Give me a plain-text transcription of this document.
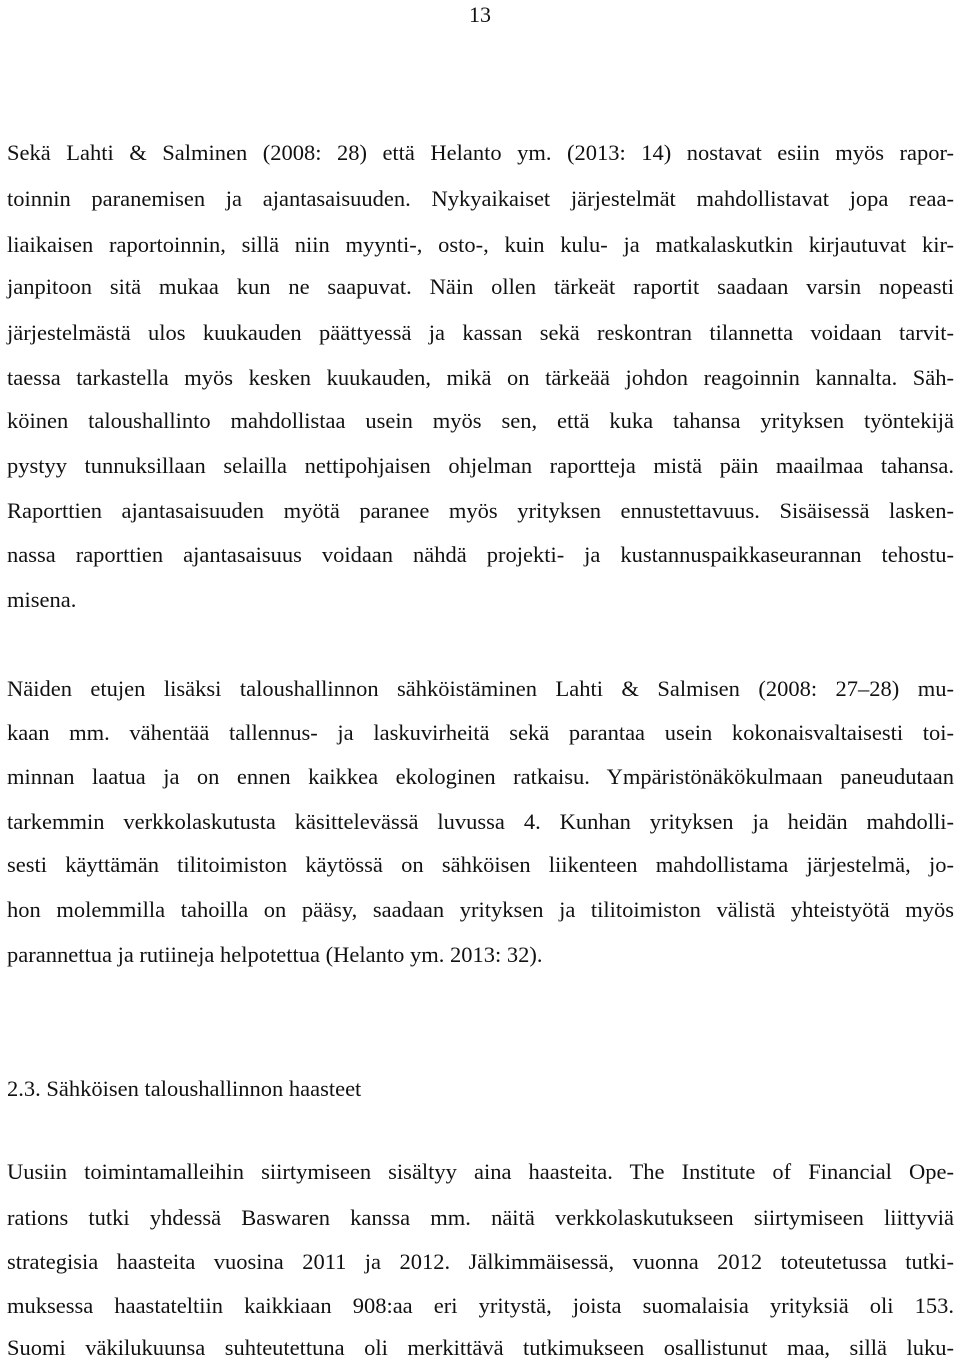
13
Sekä Lahti & Salminen (2008: 28) että Helanto ym. (2013: 14) nostavat esiin myös rapor-
toinnin paranemisen ja ajantasaisuuden. Nykyaikaiset järjestelmät mahdollistavat jopa reaa-
liaikaisen raportoinnin, sillä niin myynti-, osto-, kuin kulu- ja matkalaskutkin kirjautuvat kir-
janpitoon sitä mukaa kun ne saapuvat. Näin ollen tärkeät raportit saadaan varsin nopeasti
järjestelmästä ulos kuukauden päättyessä ja kassan sekä reskontran tilannetta voidaan tarvit-
taessa tarkastella myös kesken kuukauden, mikä on tärkeää johdon reagoinnin kannalta. Säh-
köinen taloushallinto mahdollistaa usein myös sen, että kuka tahansa yrityksen työntekijä
pystyy tunnuksillaan selailla nettipohjaisen ohjelman raportteja mistä päin maailmaa tahansa.
Raporttien ajantasaisuuden myötä paranee myös yrityksen ennustettavuus. Sisäisessä lasken-
nassa raporttien ajantasaisuus voidaan nähdä projekti- ja kustannuspaikkaseurannan tehostu-
misena.
Näiden etujen lisäksi taloushallinnon sähköistäminen Lahti & Salmisen (2008: 27–28) mu-
kaan mm. vähentää tallennus- ja laskuvirheitä sekä parantaa usein kokonaisvaltaisesti toi-
minnan laatua ja on ennen kaikkea ekologinen ratkaisu. Ympäristönäkökulmaan paneudutaan
tarkemmin verkkolaskutusta käsittelevässä luvussa 4. Kunhan yrityksen ja heidän mahdolli-
sesti käyttämän tilitoimiston käytössä on sähköisen liikenteen mahdollistama järjestelmä, jo-
hon molemmilla tahoilla on pääsy, saadaan yrityksen ja tilitoimiston välistä yhteistyötä myös
parannettua ja rutiineja helpotettua (Helanto ym. 2013: 32).
2.3. Sähköisen taloushallinnon haasteet
Uusiin toimintamalleihin siirtymiseen sisältyy aina haasteita. The Institute of Financial Ope-
rations tutki yhdessä Baswaren kanssa mm. näitä verkkolaskutukseen siirtymiseen liittyviä
strategisia haasteita vuosina 2011 ja 2012. Jälkimmäisessä, vuonna 2012 toteutetussa tutki-
muksessa haastateltiin kaikkiaan 908:aa eri yritystä, joista suomalaisia yrityksiä oli 153.
Suomi väkilukuunsa suhteutettuna oli merkittävä tutkimukseen osallistunut maa, sillä luku-
